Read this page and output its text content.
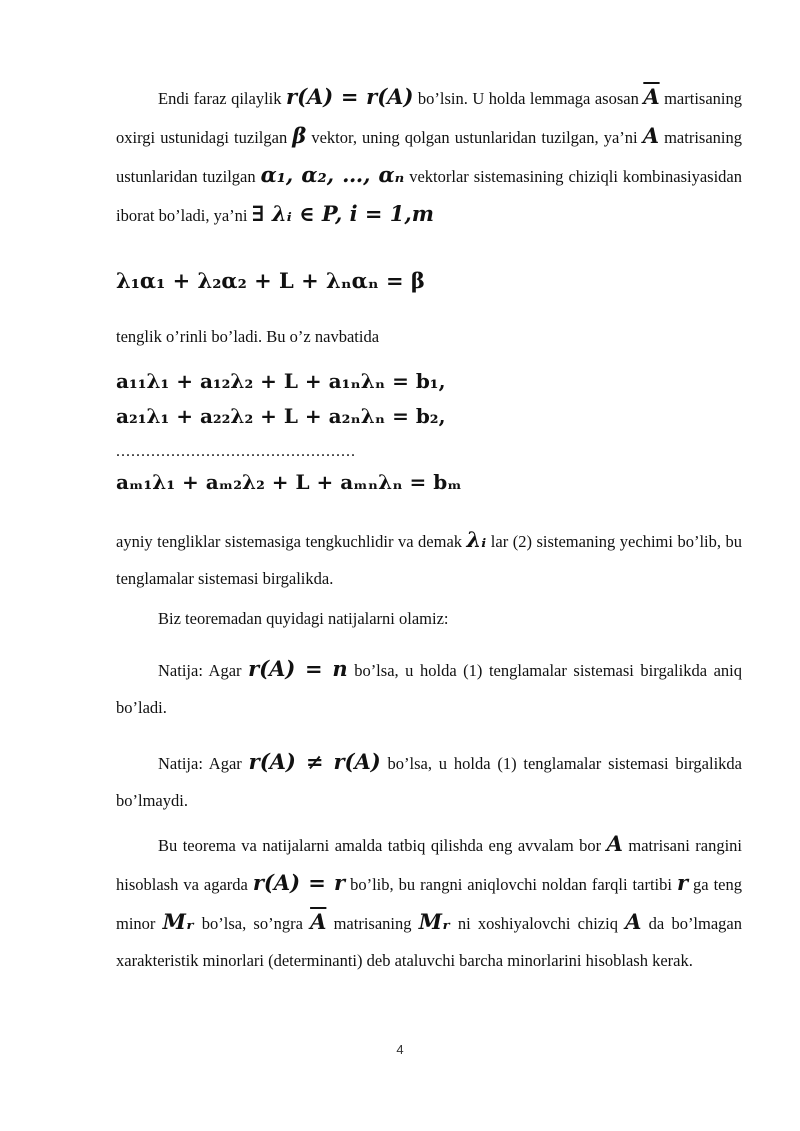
Endi faraz qilaylik r(A) = r(A) bo’lsin. U holda lemmaga asosan $\overline{A}$ martisaning oxirgi ustunidagi tuzilgan β vektor, uning qolgan ustunlaridan tuzilgan, ya’ni A matrisaning ustunlaridan tuzilgan α₁, α₂, …, αₙ vektorlar sistemasining chiziqli kombinasiyasidan iborat bo’ladi, ya’ni ∃ λᵢ ∈ P, i = 1,m

λ₁α₁ + λ₂α₂ + L + λₙαₙ = β

tenglik o’rinli bo’ladi. Bu o’z navbatida

a₁₁λ₁ + a₁₂λ₂ + L + a₁ₙλₙ = b₁,
a₂₁λ₁ + a₂₂λ₂ + L + a₂ₙλₙ = b₂,
................................................
aₘ₁λ₁ + aₘ₂λ₂ + L + aₘₙλₙ = bₘ

ayniy tengliklar sistemasiga tengkuchlidir va demak λᵢ lar (2) sistemaning yechimi bo’lib, bu tenglamalar sistemasi birgalikda.

Biz teoremadan quyidagi natijalarni olamiz:

Natija: Agar r(A) = n bo’lsa, u holda (1) tenglamalar sistemasi birgalikda aniq bo’ladi.

Natija: Agar r(A) ≠ r(A) bo’lsa, u holda (1) tenglamalar sistemasi birgalikda bo’lmaydi.

Bu teorema va natijalarni amalda tatbiq qilishda eng avvalam bor A matrisani rangini hisoblash va agarda r(A) = r bo’lib, bu rangni aniqlovchi noldan farqli tartibi r ga teng minor Mᵣ bo’lsa, so’ngra $\overline{A}$ matrisaning Mᵣ ni xoshiyalovchi chiziq A da bo’lmagan xarakteristik minorlari (determinanti) deb ataluvchi barcha minorlarini hisoblash kerak.

4
